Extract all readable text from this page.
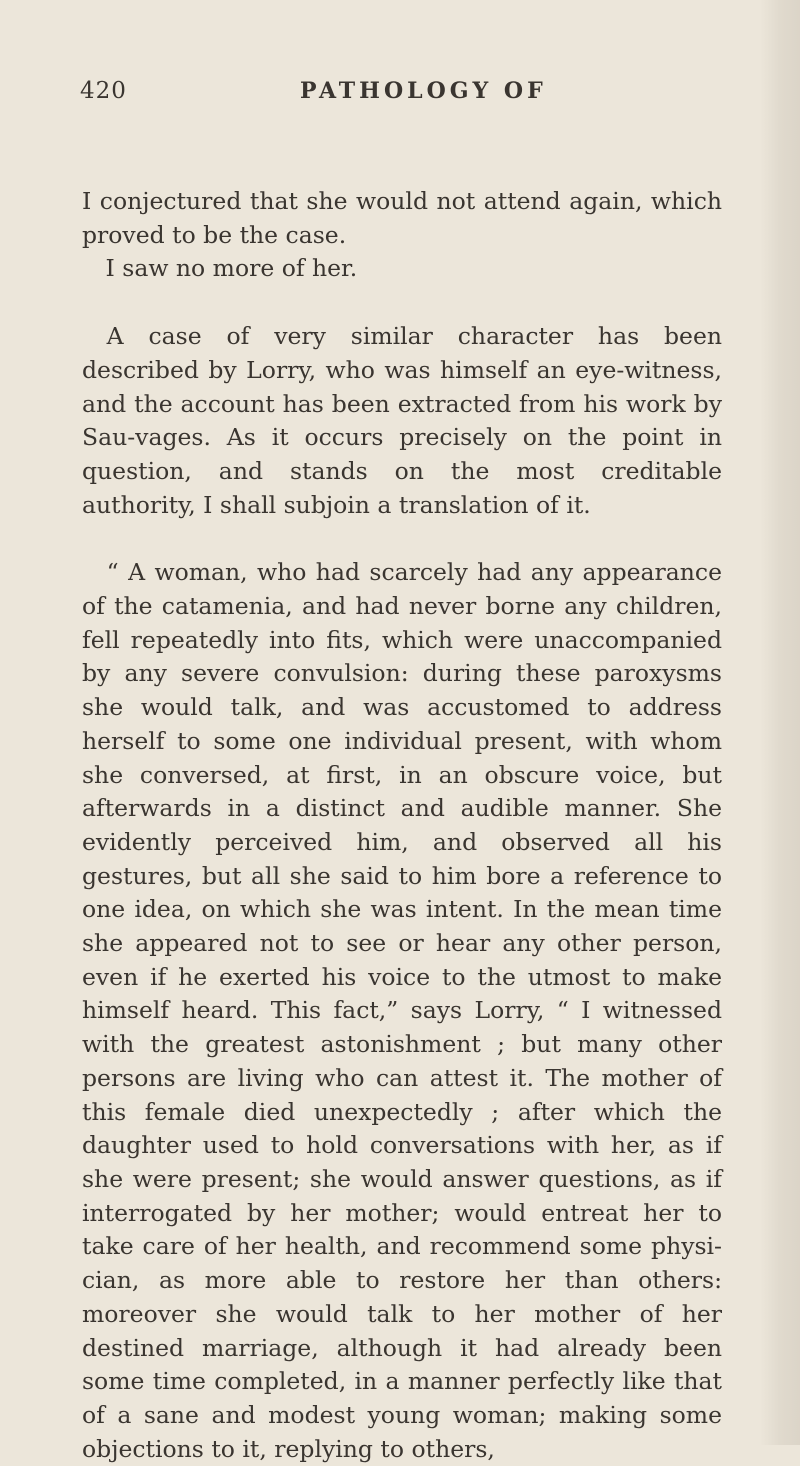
420	PATHOLOGY OF

I conjectured that she would not attend again, which proved to be the case.

I saw no more of her.

A case of very similar character has been described by Lorry, who was himself an eye-witness, and the account has been extracted from his work by Sau-vages. As it occurs precisely on the point in question, and stands on the most creditable authority, I shall subjoin a translation of it.

“ A woman, who had scarcely had any appearance of the catamenia, and had never borne any children, fell repeatedly into fits, which were unaccompanied by any severe convulsion: during these paroxysms she would talk, and was accustomed to address herself to some one individual present, with whom she conversed, at first, in an obscure voice, but afterwards in a distinct and audible manner. She evidently perceived him, and observed all his gestures, but all she said to him bore a reference to one idea, on which she was intent. In the mean time she appeared not to see or hear any other person, even if he exerted his voice to the utmost to make himself heard. This fact,” says Lorry, “ I witnessed with the greatest astonishment ; but many other persons are living who can attest it. The mother of this female died unexpectedly ; after which the daughter used to hold conversations with her, as if she were present; she would answer questions, as if interrogated by her mother; would entreat her to take care of her health, and recommend some physi-cian, as more able to restore her than others: moreover she would talk to her mother of her destined marriage, although it had already been some time completed, in a manner perfectly like that of a sane and modest young woman; making some objections to it, replying to others,
